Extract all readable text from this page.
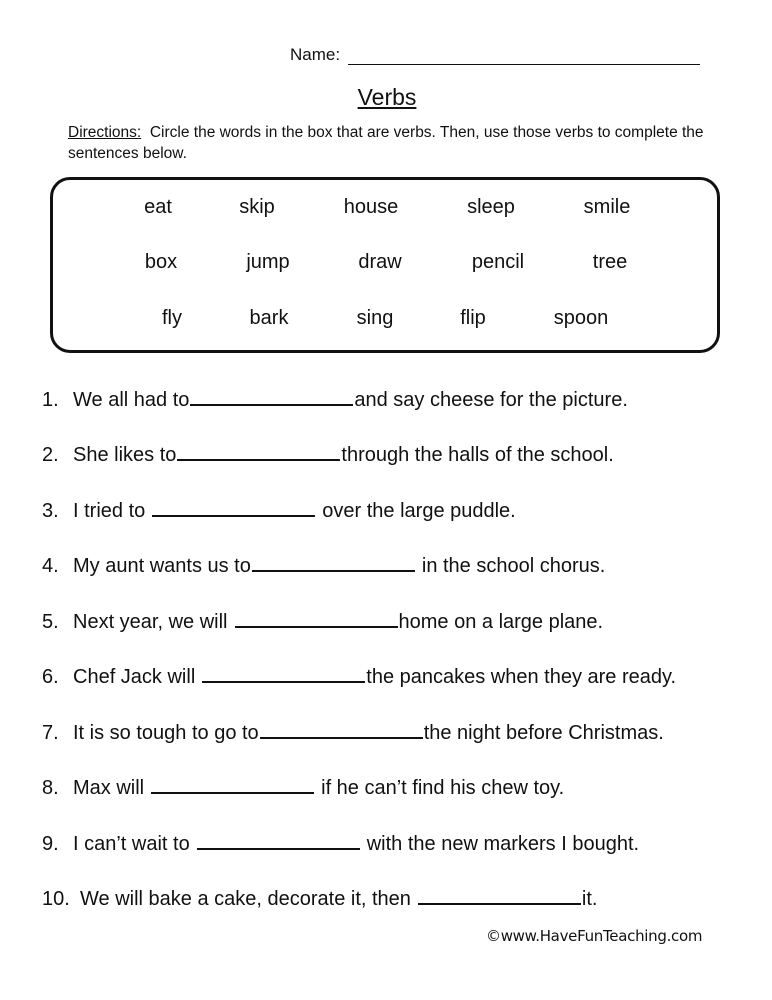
Name:
Verbs
Directions: Circle the words in the box that are verbs. Then, use those verbs to complete the sentences below.
eat	skip	house	sleep	smile
box	jump	draw	pencil	tree
fly	bark	sing	flip	spoon
1. We all had to	and say cheese for the picture.
2. She likes to	through the halls of the school.
3. I tried to	over the large puddle.
4. My aunt wants us to	in the school chorus.
5. Next year, we will	home on a large plane.
6. Chef Jack will	the pancakes when they are ready.
7. It is so tough to go to	the night before Christmas.
8. Max will	if he can’t find his chew toy.
9. I can’t wait to	with the new markers I bought.
10. We will bake a cake, decorate it, then	it.
©www.HaveFunTeaching.com
